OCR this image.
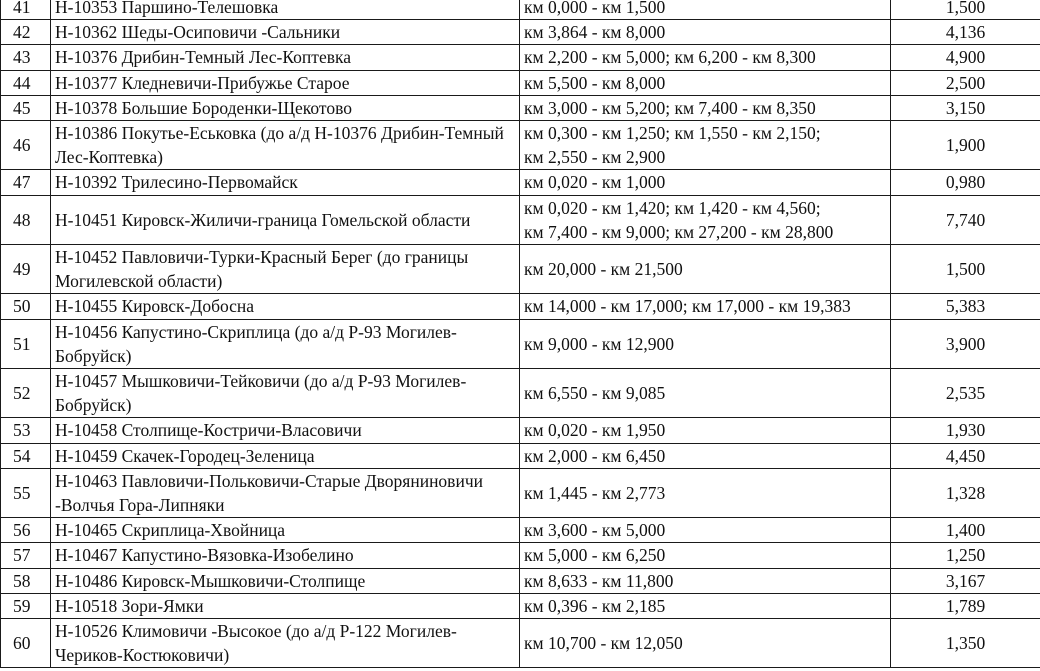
41	Н-10353 Паршино-Телешовка	км 0,000 - км 1,500	1,500
42	Н-10362 Шеды-Осиповичи -Сальники	км 3,864 - км 8,000	4,136
43	Н-10376 Дрибин-Темный Лес-Коптевка	км 2,200 - км 5,000; км 6,200 - км 8,300	4,900
44	Н-10377 Кледневичи-Прибужье Старое	км 5,500 - км 8,000	2,500
45	Н-10378 Большие Бороденки-Щекотово	км 3,000 - км 5,200; км 7,400 - км 8,350	3,150
46	Н-10386 Покутье-Еськовка (до а/д Н-10376 Дрибин-Темный Лес-Коптевка)	км 0,300 - км 1,250; км 1,550 - км 2,150;
км 2,550 - км 2,900	1,900
47	Н-10392 Трилесино-Первомайск	км 0,020 - км 1,000	0,980
48	Н-10451 Кировск-Жиличи-граница Гомельской области	км 0,020 - км 1,420; км 1,420 - км 4,560;
км 7,400 - км 9,000; км 27,200 - км 28,800	7,740
49	Н-10452 Павловичи-Турки-Красный Берег (до границы Могилевской области)	км 20,000 - км 21,500	1,500
50	Н-10455 Кировск-Добосна	км 14,000 - км 17,000; км 17,000 - км 19,383	5,383
51	Н-10456 Капустино-Скриплица (до а/д Р-93 Могилев-Бобруйск)	км 9,000 - км 12,900	3,900
52	Н-10457 Мышковичи-Тейковичи (до а/д Р-93 Могилев-Бобруйск)	км 6,550 - км 9,085	2,535
53	Н-10458 Столпище-Костричи-Власовичи	км 0,020 - км 1,950	1,930
54	Н-10459 Скачек-Городец-Зеленица	км 2,000 - км 6,450	4,450
55	Н-10463 Павловичи-Польковичи-Старые Дворяниновичи -Волчья Гора-Липняки	км 1,445 - км 2,773	1,328
56	Н-10465 Скриплица-Хвойница	км 3,600 - км 5,000	1,400
57	Н-10467 Капустино-Вязовка-Изобелино	км 5,000 - км 6,250	1,250
58	Н-10486 Кировск-Мышковичи-Столпище	км 8,633 - км 11,800	3,167
59	Н-10518 Зори-Ямки	км 0,396 - км 2,185	1,789
60	Н-10526 Климовичи -Высокое (до а/д Р-122 Могилев-Чериков-Костюковичи)	км 10,700 - км 12,050	1,350
